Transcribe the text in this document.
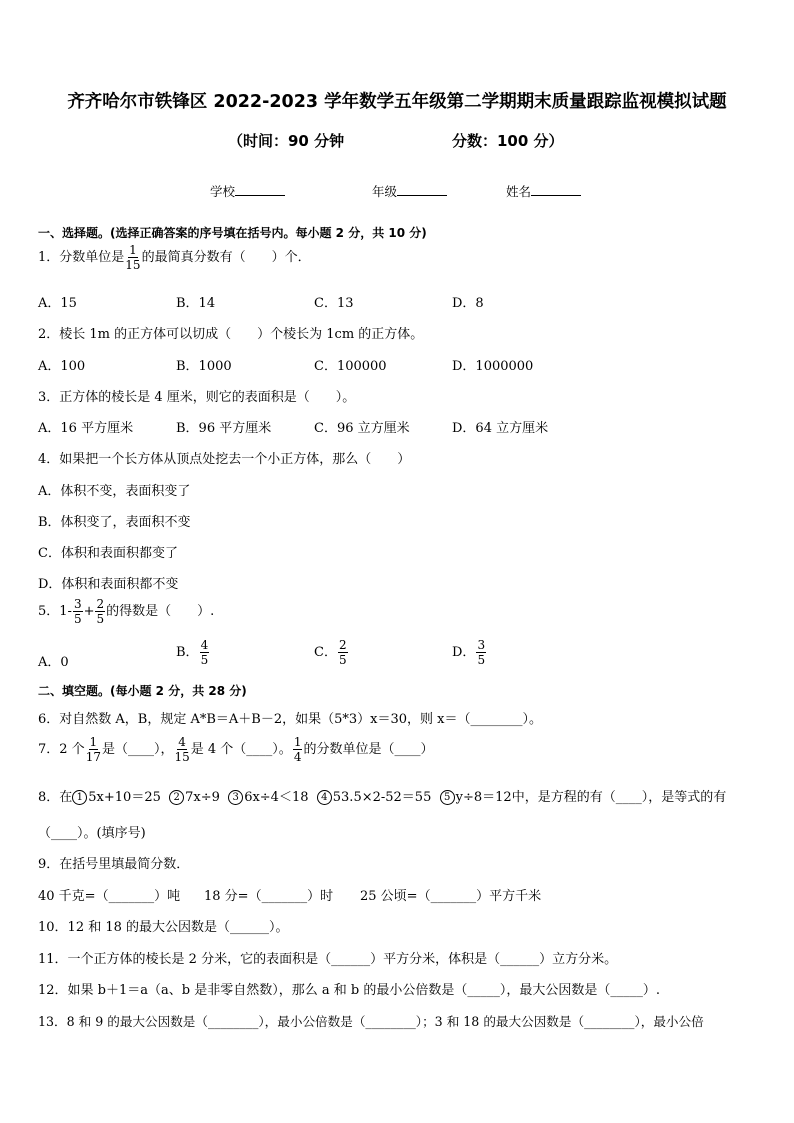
齐齐哈尔市铁锋区 2022-2023 学年数学五年级第二学期期末质量跟踪监视模拟试题
（时间：90 分钟	分数：100 分）
学校	年级	姓名
一、选择题。(选择正确答案的序号填在括号内。每小题 2 分，共 10 分)
1．分数单位是 $\frac{1}{15}$ 的最简真分数有（　　）个．
A．15	B．14	C．13	D．8
2．棱长 1m 的正方体可以切成（　　）个棱长为 1cm 的正方体。
A．100	B．1000	C．100000	D．1000000
3．正方体的棱长是 4 厘米，则它的表面积是（　　）。
A．16 平方厘米	B．96 平方厘米	C．96 立方厘米	D．64 立方厘米
4．如果把一个长方体从顶点处挖去一个小正方体，那么（　　）
A．体积不变，表面积变了
B．体积变了，表面积不变
C．体积和表面积都变了
D．体积和表面积都不变
5．$1- \frac{3}{5} + \frac{2}{5}$ 的得数是（　　）.
A．0
B． $\frac{4}{5}$	C． $\frac{2}{5}$	D． $\frac{3}{5}$
二、填空题。(每小题 2 分，共 28 分)
6．对自然数 A，B，规定 A*B＝A＋B－2，如果（5*3）x＝30，则 x＝（________）。
7．2 个 $\frac{1}{17}$ 是（____）， $\frac{4}{15}$ 是 4 个（____）。 $\frac{1}{4}$ 的分数单位是（____）
8．在 1 5x+10＝25 2 7x÷9 3 6x÷4＜18 4 53.5×2-52＝55 5 y÷8＝12中，是方程的有（____），是等式的有
（____）。(填序号)
9．在括号里填最简分数．
40 千克=（_______）吨 18 分=（_______）时 25 公顷=（_______）平方千米
10．12 和 18 的最大公因数是（______）。
11．一个正方体的棱长是 2 分米，它的表面积是（______）平方分米，体积是（______）立方分米。
12．如果 b＋1＝a（a、b 是非零自然数），那么 a 和 b 的最小公倍数是（_____），最大公因数是（_____）.
13．8 和 9 的最大公因数是（________），最小公倍数是（________）；3 和 18 的最大公因数是（________），最小公倍
